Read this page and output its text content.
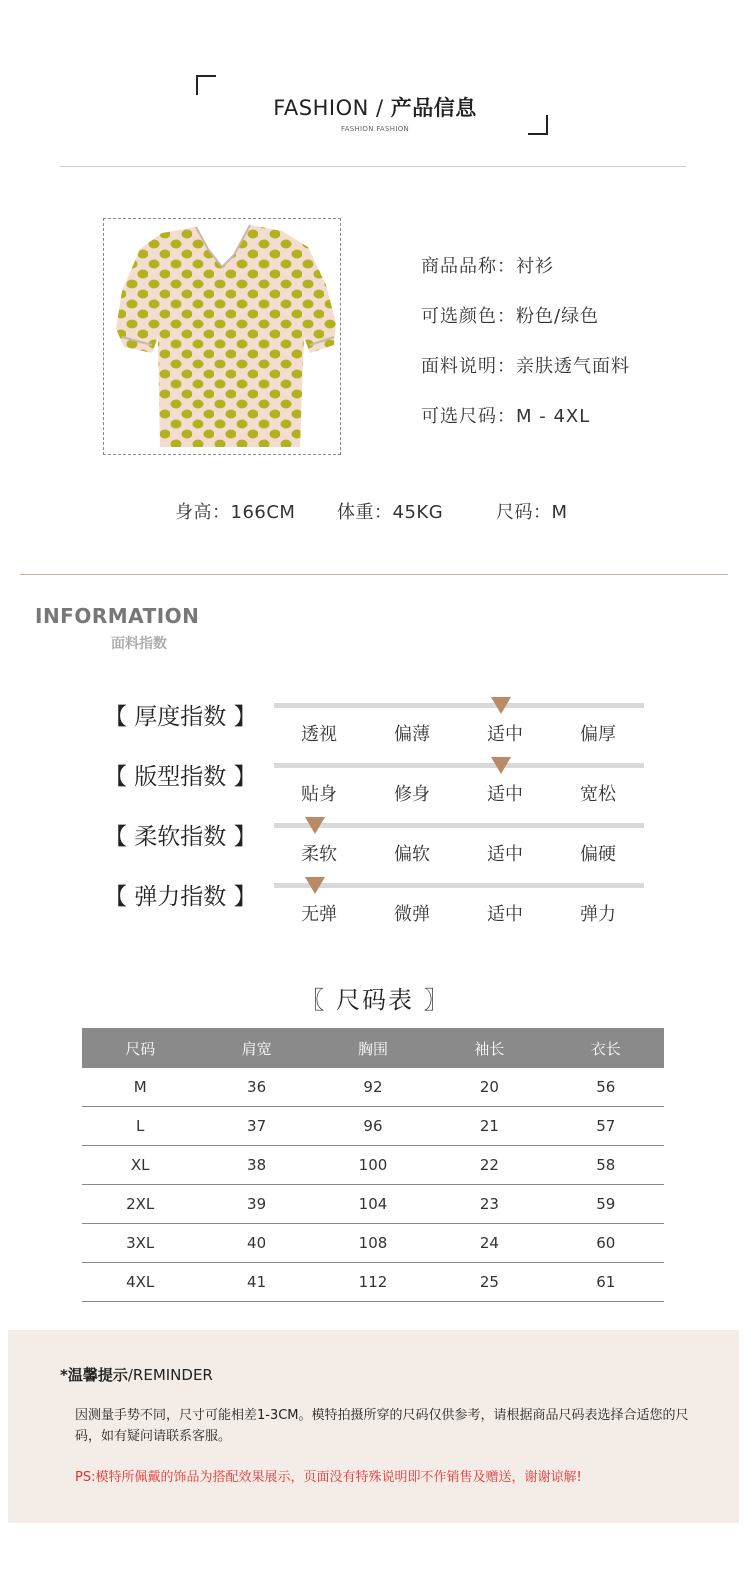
FASHION / 产品信息
FASHION FASHION
商品品称：衬衫
可选颜色：粉色/绿色
面料说明：亲肤透气面料
可选尺码：M - 4XL
身高：166CM 体重：45KG	尺码：M
INFORMATION
面料指数
【 厚度指数 】
透视	偏薄	适中	偏厚
【 版型指数 】
贴身	修身	适中	宽松
【 柔软指数 】
柔软	偏软	适中	偏硬
【 弹力指数 】
无弹	微弹	适中	弹力
〖 尺码表 〗
尺码	肩宽	胸围	袖长	衣长
M	36	92	20	56
L	37	96	21	57
XL	38	100	22	58
2XL	39	104	23	59
3XL	40	108	24	60
4XL	41	112	25	61
*温馨提示/REMINDER
因测量手势不同，尺寸可能相差1-3CM。模特拍摄所穿的尺码仅供参考，请根据商品尺码表选择合适您的尺码，如有疑问请联系客服。
PS:模特所佩戴的饰品为搭配效果展示，页面没有特殊说明即不作销售及赠送，谢谢谅解!
